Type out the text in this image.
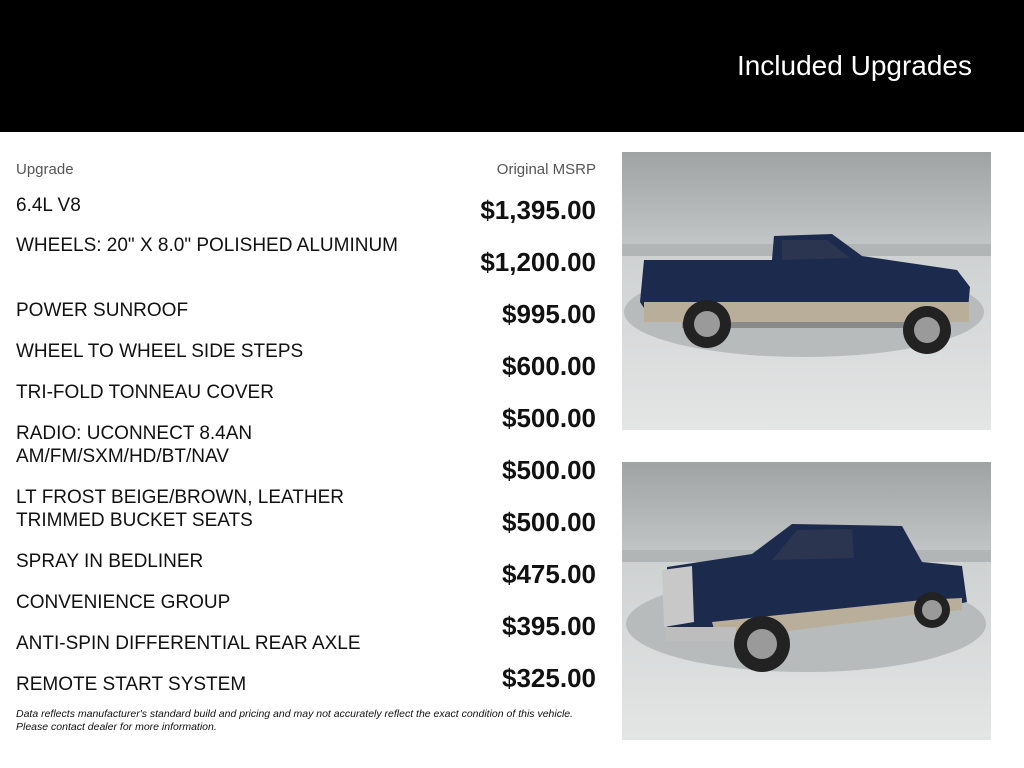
Included Upgrades
Upgrade	Original MSRP
6.4L V8
WHEELS: 20" X 8.0" POLISHED ALUMINUM
POWER SUNROOF
WHEEL TO WHEEL SIDE STEPS
TRI-FOLD TONNEAU COVER
RADIO: UCONNECT 8.4AN AM/FM/SXM/HD/BT/NAV
LT FROST BEIGE/BROWN, LEATHER TRIMMED BUCKET SEATS
SPRAY IN BEDLINER
CONVENIENCE GROUP
ANTI-SPIN DIFFERENTIAL REAR AXLE
REMOTE START SYSTEM
$1,395.00
$1,200.00
$995.00
$600.00
$500.00
$500.00
$500.00
$475.00
$395.00
$325.00
Data reflects manufacturer's standard build and pricing and may not accurately reflect the exact condition of this vehicle. Please contact dealer for more information.
